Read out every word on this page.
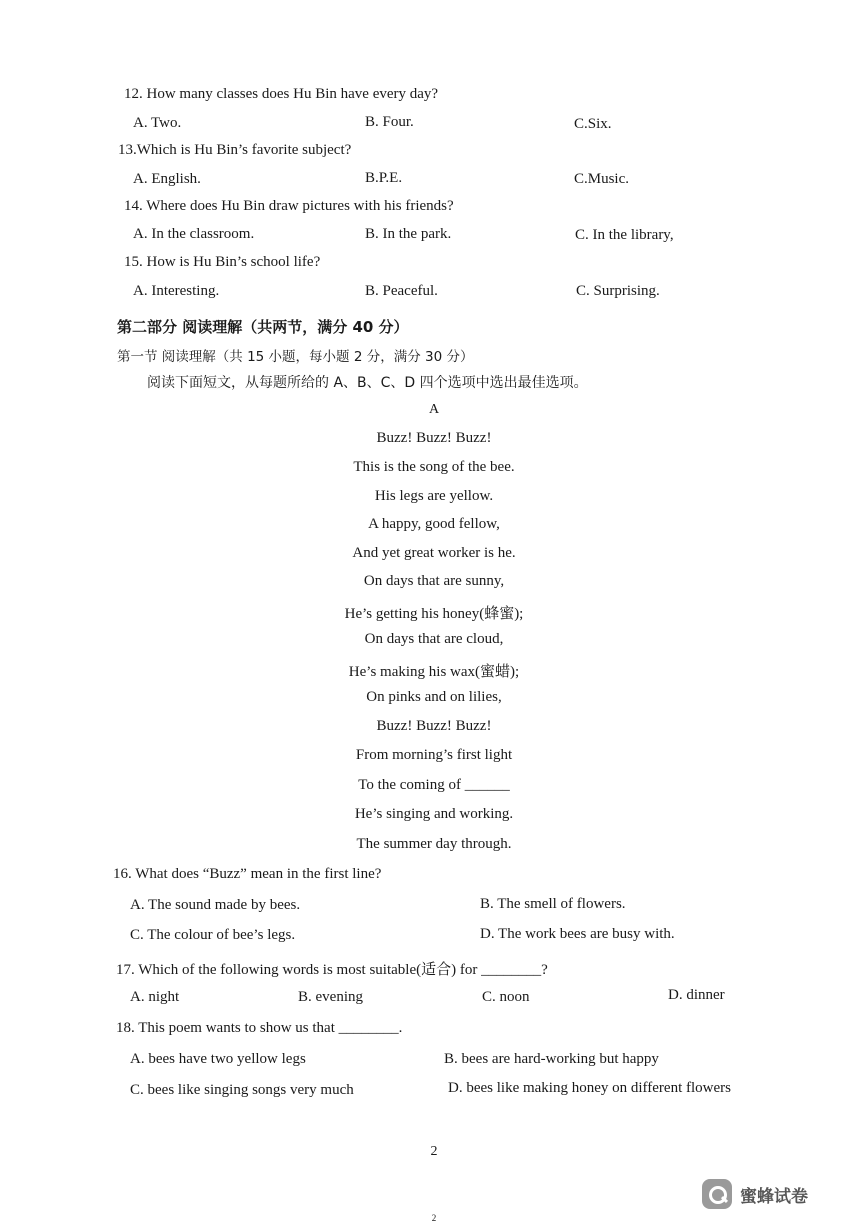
12. How many classes does Hu Bin have every day?
A. Two.	B. Four.	C.Six.
13.Which is Hu Bin’s favorite subject?
A. English.	B.P.E.	C.Music.
14. Where does Hu Bin draw pictures with his friends?
A. In the classroom.	B. In the park.	C. In the library,
15. How is Hu Bin’s school life?
A. Interesting.	B. Peaceful.	C. Surprising.
第二部分 阅读理解（共两节，满分 40 分）
第一节 阅读理解（共 15 小题，每小题 2 分，满分 30 分）
阅读下面短文，从每题所给的 A、B、C、D 四个选项中选出最佳选项。
A
Buzz! Buzz! Buzz!
This is the song of the bee.
His legs are yellow.
A happy, good fellow,
And yet great worker is he.
On days that are sunny,
He’s getting his honey(蜂蜜);
On days that are cloud,
He’s making his wax(蜜蜡);
On pinks and on lilies,
Buzz! Buzz! Buzz!
From morning’s first light
To the coming of ______
He’s singing and working.
The summer day through.
16. What does “Buzz” mean in the first line?
A. The sound made by bees.	B. The smell of flowers.
C. The colour of bee’s legs.	D. The work bees are busy with.
17. Which of the following words is most suitable(适合) for ________?
A. night	B. evening	C. noon	D. dinner
18. This poem wants to show us that ________.
A. bees have two yellow legs	B. bees are hard-working but happy
C. bees like singing songs very much	D. bees like making honey on different flowers
2
2
蜜蜂试卷
